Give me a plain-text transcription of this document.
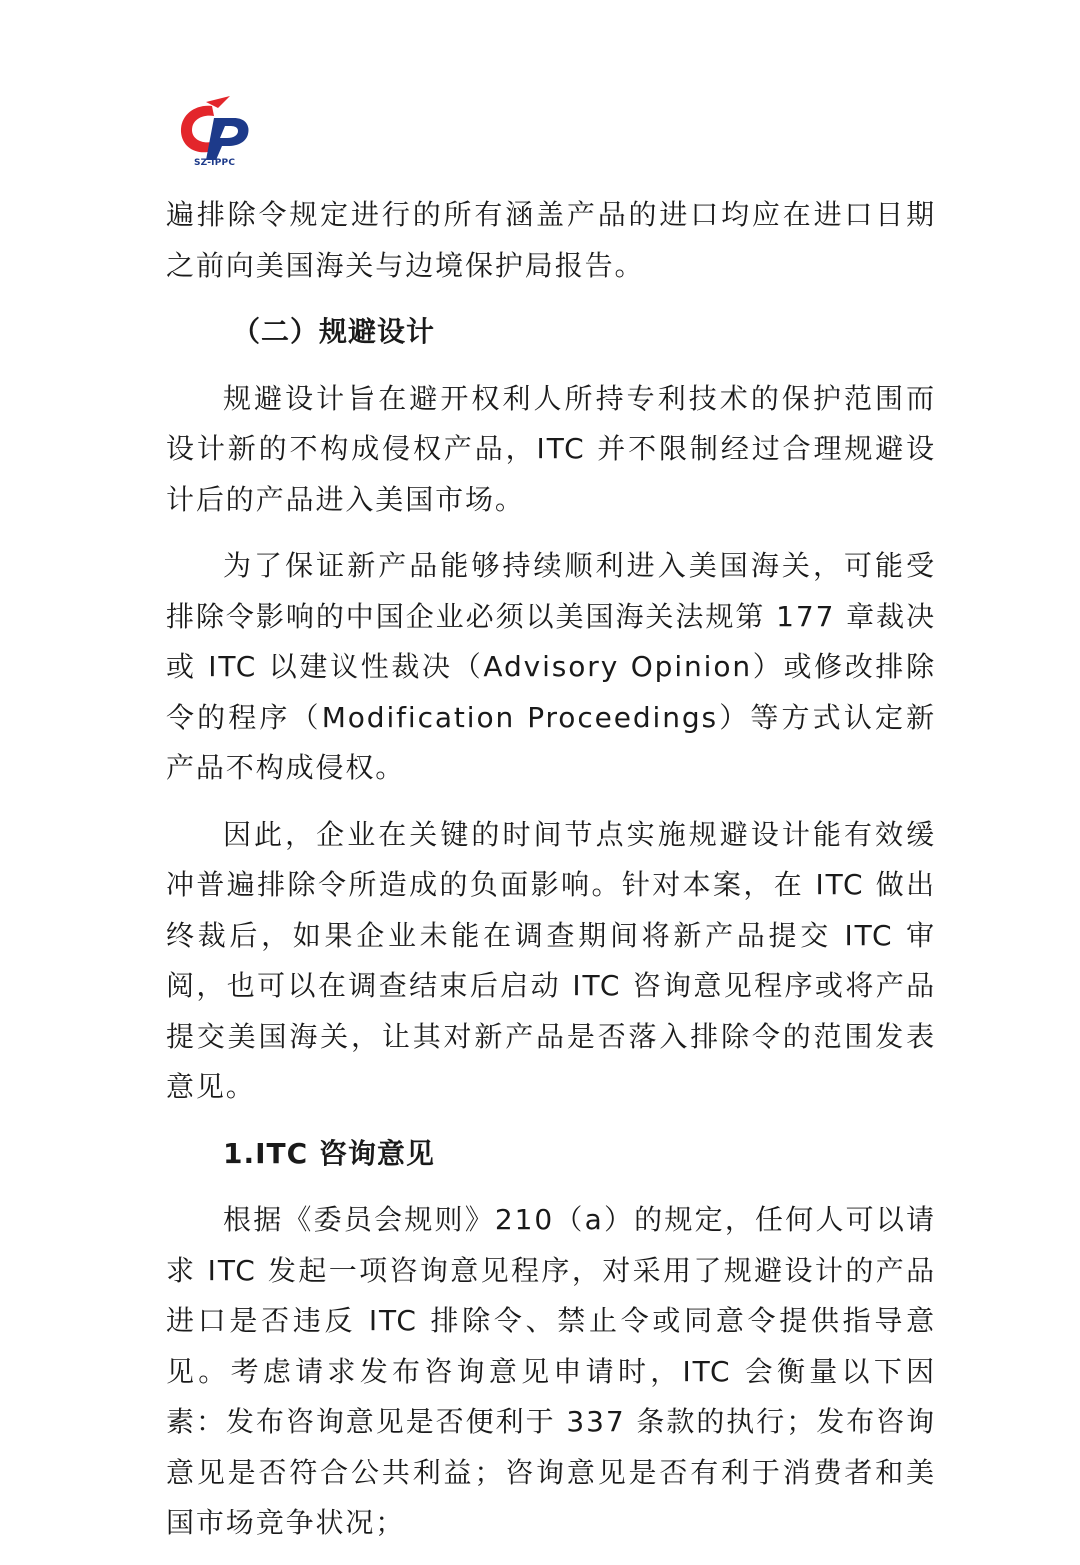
SZ-IPPC

遍排除令规定进行的所有涵盖产品的进口均应在进口日期之前向美国海关与边境保护局报告。

（二）规避设计

规避设计旨在避开权利人所持专利技术的保护范围而设计新的不构成侵权产品，ITC 并不限制经过合理规避设计后的产品进入美国市场。

为了保证新产品能够持续顺利进入美国海关，可能受排除令影响的中国企业必须以美国海关法规第 177 章裁决或 ITC 以建议性裁决（Advisory Opinion）或修改排除令的程序（Modification Proceedings）等方式认定新产品不构成侵权。

因此，企业在关键的时间节点实施规避设计能有效缓冲普遍排除令所造成的负面影响。针对本案，在 ITC 做出终裁后，如果企业未能在调查期间将新产品提交 ITC 审阅，也可以在调查结束后启动 ITC 咨询意见程序或将产品提交美国海关，让其对新产品是否落入排除令的范围发表意见。

1.ITC 咨询意见

根据《委员会规则》210（a）的规定，任何人可以请求 ITC 发起一项咨询意见程序，对采用了规避设计的产品进口是否违反 ITC 排除令、禁止令或同意令提供指导意见。考虑请求发布咨询意见申请时，ITC 会衡量以下因素：发布咨询意见是否便利于 337 条款的执行；发布咨询意见是否符合公共利益；咨询意见是否有利于消费者和美国市场竞争状况；
